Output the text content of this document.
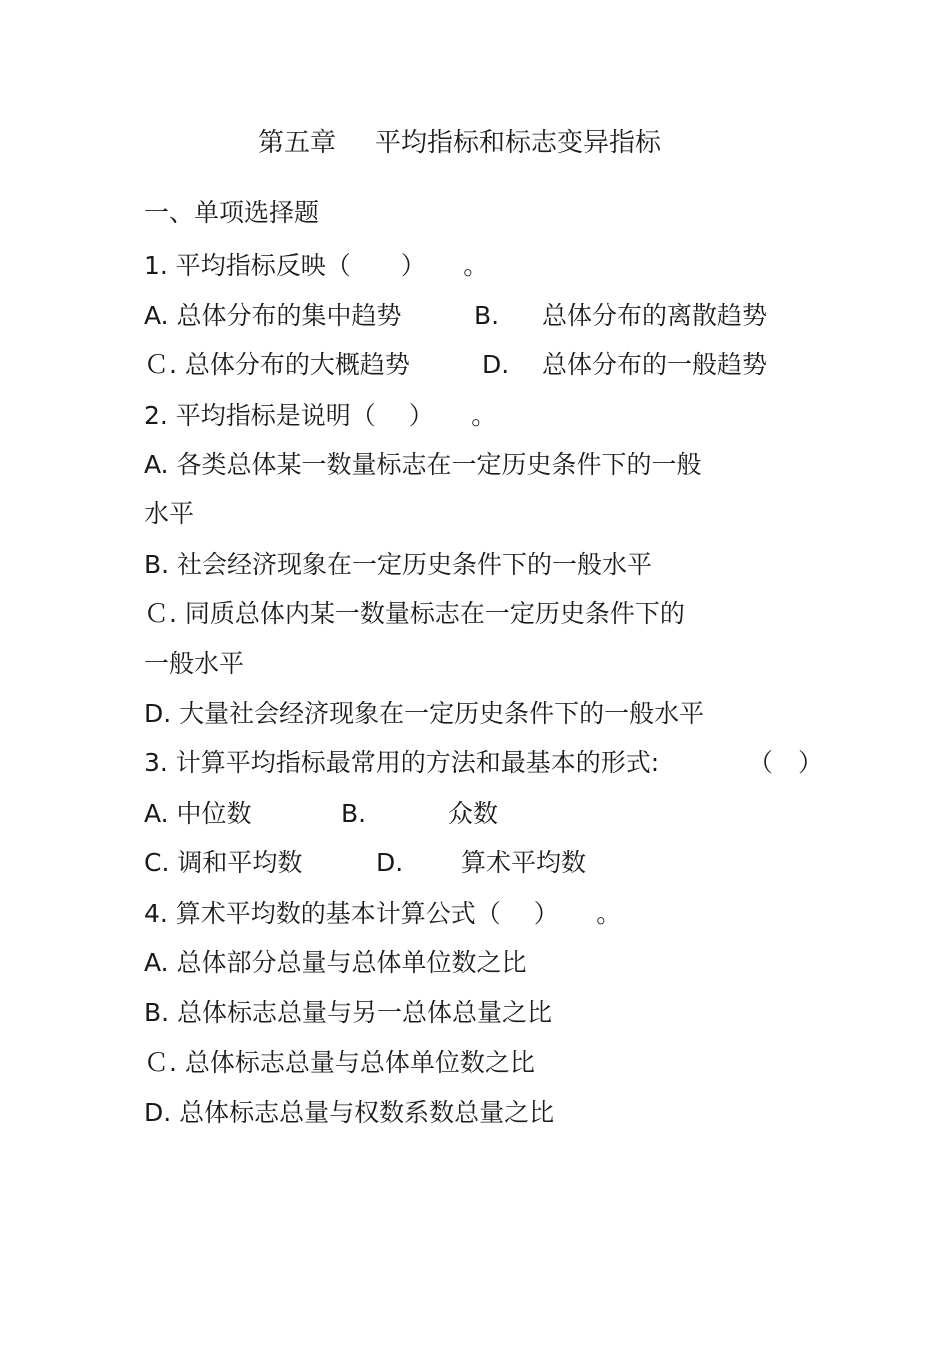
第五章 平均指标和标志变异指标
一、单项选择题
1. 平均指标反映（　　）　　。
A. 总体分布的集中趋势	B. 总体分布的离散趋势
Ｃ. 总体分布的大概趋势	D. 总体分布的一般趋势
2. 平均指标是说明（　 ）　　。
A. 各类总体某一数量标志在一定历史条件下的一般
水平
B. 社会经济现象在一定历史条件下的一般水平
Ｃ. 同质总体内某一数量标志在一定历史条件下的
一般水平
D. 大量社会经济现象在一定历史条件下的一般水平
3. 计算平均指标最常用的方法和最基本的形式:	（　）
A. 中位数	B.	众数
C. 调和平均数	D. 算术平均数
4. 算术平均数的基本计算公式（　 ）　　。
A. 总体部分总量与总体单位数之比
B. 总体标志总量与另一总体总量之比
Ｃ. 总体标志总量与总体单位数之比
D. 总体标志总量与权数系数总量之比
